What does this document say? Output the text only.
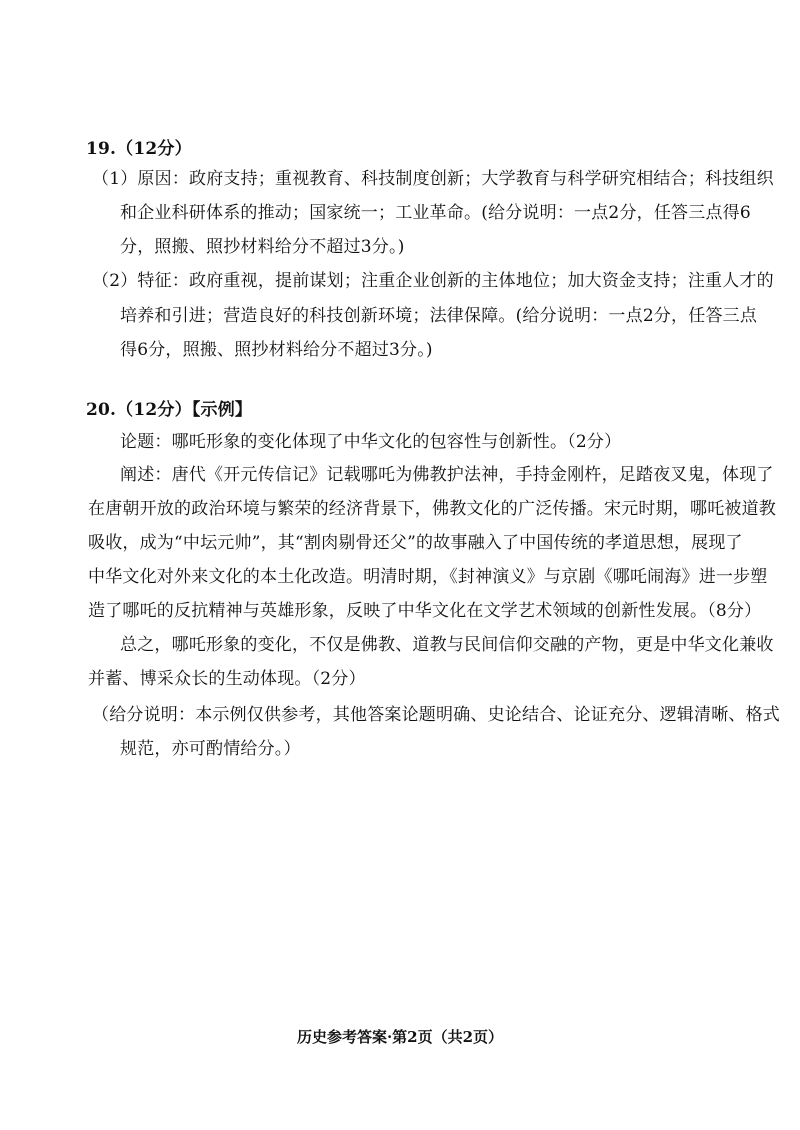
19.（12分）
（1）原因：政府支持；重视教育、科技制度创新；大学教育与科学研究相结合；科技组织
和企业科研体系的推动；国家统一；工业革命。(给分说明：一点2分，任答三点得6
分，照搬、照抄材料给分不超过3分。)
（2）特征：政府重视，提前谋划；注重企业创新的主体地位；加大资金支持；注重人才的
培养和引进；营造良好的科技创新环境；法律保障。(给分说明：一点2分，任答三点
得6分，照搬、照抄材料给分不超过3分。)
20.（12分）【示例】
论题：哪吒形象的变化体现了中华文化的包容性与创新性。（2分）
阐述：唐代《开元传信记》记载哪吒为佛教护法神，手持金刚杵，足踏夜叉鬼，体现了
在唐朝开放的政治环境与繁荣的经济背景下，佛教文化的广泛传播。宋元时期，哪吒被道教
吸收，成为“中坛元帅”，其“割肉剔骨还父”的故事融入了中国传统的孝道思想，展现了
中华文化对外来文化的本土化改造。明清时期，《封神演义》与京剧《哪吒闹海》进一步塑
造了哪吒的反抗精神与英雄形象，反映了中华文化在文学艺术领域的创新性发展。（8分）
总之，哪吒形象的变化，不仅是佛教、道教与民间信仰交融的产物，更是中华文化兼收
并蓄、博采众长的生动体现。（2分）
（给分说明：本示例仅供参考，其他答案论题明确、史论结合、论证充分、逻辑清晰、格式
规范，亦可酌情给分。）
历史参考答案·第2页（共2页）
